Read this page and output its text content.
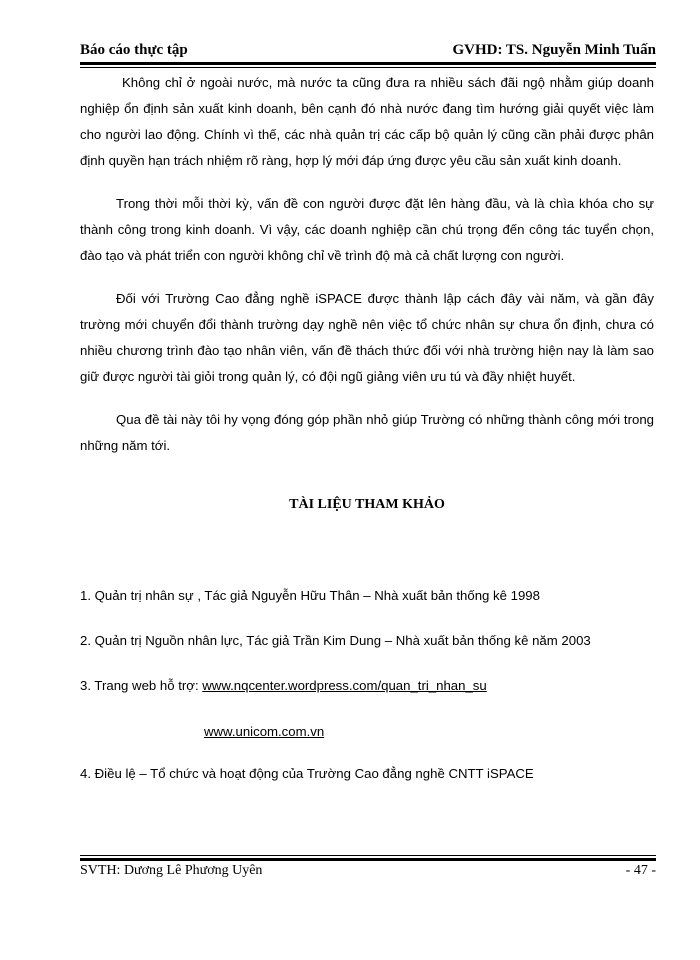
Báo cáo thực tập	GVHD: TS. Nguyễn Minh Tuấn

Không chỉ ở ngoài nước, mà nước ta cũng đưa ra nhiều sách đãi ngộ nhằm giúp doanh nghiệp ổn định sản xuất kinh doanh, bên cạnh đó nhà nước đang tìm hướng giải quyết việc làm cho người lao động. Chính vì thế, các nhà quản trị các cấp bộ quản lý cũng cần phải được phân định quyền hạn trách nhiệm rõ ràng, hợp lý mới đáp ứng được yêu cầu sản xuất kinh doanh.

Trong thời mỗi thời kỳ, vấn đề con người được đặt lên hàng đầu, và là chìa khóa cho sự thành công trong kinh doanh. Vì vậy, các doanh nghiệp cần chú trọng đến công tác tuyển chọn, đào tạo và phát triển con người không chỉ về trình độ mà cả chất lượng con người.

Đối với Trường Cao đẳng nghề iSPACE được thành lập cách đây vài năm, và gần đây trường mới chuyển đổi thành trường dạy nghề nên việc tổ chức nhân sự chưa ổn định, chưa có nhiều chương trình đào tạo nhân viên, vấn đề thách thức đối với nhà trường hiện nay là làm sao giữ được người tài giỏi trong quản lý, có đội ngũ giảng viên ưu tú và đầy nhiệt huyết.

Qua đề tài này tôi hy vọng đóng góp phần nhỏ giúp Trường có những thành công mới trong những năm tới.

TÀI LIỆU THAM KHẢO
1. Quản trị nhân sự , Tác giả Nguyễn Hữu Thân – Nhà xuất bản thống kê 1998
2. Quản trị Nguồn nhân lực, Tác giả Trần Kim Dung – Nhà xuất bản thống kê năm 2003
3. Trang web hỗ trợ: www.nqcenter.wordpress.com/quan_tri_nhan_su
www.unicom.com.vn
4. Điều lệ – Tổ chức và hoạt động của Trường Cao đẳng nghề CNTT iSPACE
SVTH: Dương Lê Phương Uyên	- 47 -
